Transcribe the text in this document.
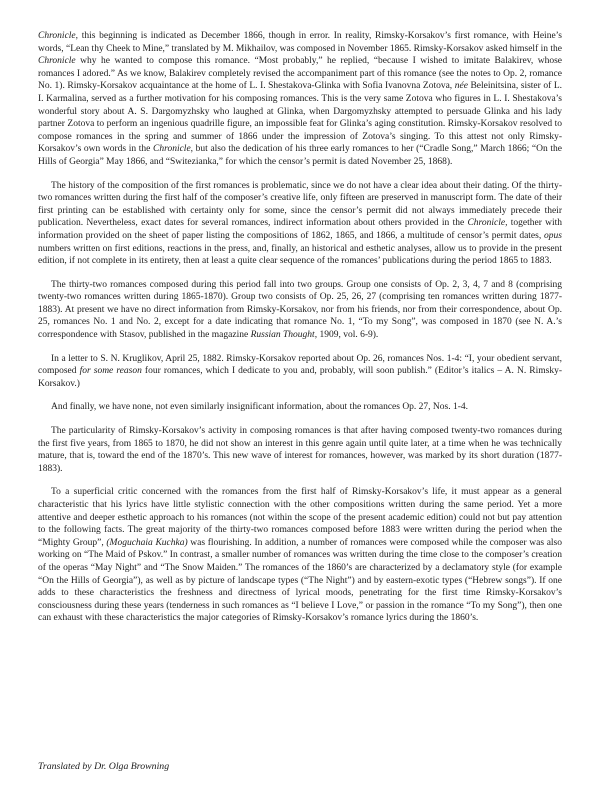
Chronicle, this beginning is indicated as December 1866, though in error. In reality, Rimsky-Korsakov’s first romance, with Heine’s words, “Lean thy Cheek to Mine,” translated by M. Mikhailov, was composed in November 1865. Rimsky-Korsakov asked himself in the Chronicle why he wanted to compose this romance. “Most probably,” he replied, “because I wished to imitate Balakirev, whose romances I adored.” As we know, Balakirev completely revised the accompaniment part of this romance (see the notes to Op. 2, romance No. 1). Rimsky-Korsakov acquaintance at the home of L. I. Shestakova-Glinka with Sofia Ivanovna Zotova, née Beleinitsina, sister of L. I. Karmalina, served as a further motivation for his composing romances. This is the very same Zotova who figures in L. I. Shestakova’s wonderful story about A. S. Dargomyzhsky who laughed at Glinka, when Dargomyzhsky attempted to persuade Glinka and his lady partner Zotova to perform an ingenious quadrille figure, an impossible feat for Glinka’s aging constitution. Rimsky-Korsakov resolved to compose romances in the spring and summer of 1866 under the impression of Zotova’s singing. To this attest not only Rimsky-Korsakov’s own words in the Chronicle, but also the dedication of his three early romances to her (“Cradle Song,” March 1866; “On the Hills of Georgia” May 1866, and “Switezianka,” for which the censor’s permit is dated November 25, 1868).

The history of the composition of the first romances is problematic, since we do not have a clear idea about their dating. Of the thirty-two romances written during the first half of the composer’s creative life, only fifteen are preserved in manuscript form. The date of their first printing can be established with certainty only for some, since the censor’s permit did not always immediately precede their publication. Nevertheless, exact dates for several romances, indirect information about others provided in the Chronicle, together with information provided on the sheet of paper listing the compositions of 1862, 1865, and 1866, a multitude of censor’s permit dates, opus numbers written on first editions, reactions in the press, and, finally, an historical and esthetic analyses, allow us to provide in the present edition, if not complete in its entirety, then at least a quite clear sequence of the romances’ publications during the period 1865 to 1883.

The thirty-two romances composed during this period fall into two groups. Group one consists of Op. 2, 3, 4, 7 and 8 (comprising twenty-two romances written during 1865-1870). Group two consists of Op. 25, 26, 27 (comprising ten romances written during 1877-1883). At present we have no direct information from Rimsky-Korsakov, nor from his friends, nor from their correspondence, about Op. 25, romances No. 1 and No. 2, except for a date indicating that romance No. 1, “To my Song”, was composed in 1870 (see N. A.’s correspondence with Stasov, published in the magazine Russian Thought, 1909, vol. 6-9).

In a letter to S. N. Kruglikov, April 25, 1882. Rimsky-Korsakov reported about Op. 26, romances Nos. 1-4: “I, your obedient servant, composed for some reason four romances, which I dedicate to you and, probably, will soon publish.” (Editor’s italics – A. N. Rimsky-Korsakov.)

And finally, we have none, not even similarly insignificant information, about the romances Op. 27, Nos. 1-4.

The particularity of Rimsky-Korsakov’s activity in composing romances is that after having composed twenty-two romances during the first five years, from 1865 to 1870, he did not show an interest in this genre again until quite later, at a time when he was technically mature, that is, toward the end of the 1870’s. This new wave of interest for romances, however, was marked by its short duration (1877-1883).

To a superficial critic concerned with the romances from the first half of Rimsky-Korsakov’s life, it must appear as a general characteristic that his lyrics have little stylistic connection with the other compositions written during the same period. Yet a more attentive and deeper esthetic approach to his romances (not within the scope of the present academic edition) could not but pay attention to the following facts. The great majority of the thirty-two romances composed before 1883 were written during the period when the “Mighty Group”, (Moguchaia Kuchka) was flourishing. In addition, a number of romances were composed while the composer was also working on “The Maid of Pskov.” In contrast, a smaller number of romances was written during the time close to the composer’s creation of the operas “May Night” and “The Snow Maiden.” The romances of the 1860’s are characterized by a declamatory style (for example “On the Hills of Georgia”), as well as by picture of landscape types (“The Night”) and by eastern-exotic types (“Hebrew songs”). If one adds to these characteristics the freshness and directness of lyrical moods, penetrating for the first time Rimsky-Korsakov’s consciousness during these years (tenderness in such romances as “I believe I Love,” or passion in the romance “To my Song”), then one can exhaust with these characteristics the major categories of Rimsky-Korsakov’s romance lyrics during the 1860’s.

Translated by Dr. Olga Browning
